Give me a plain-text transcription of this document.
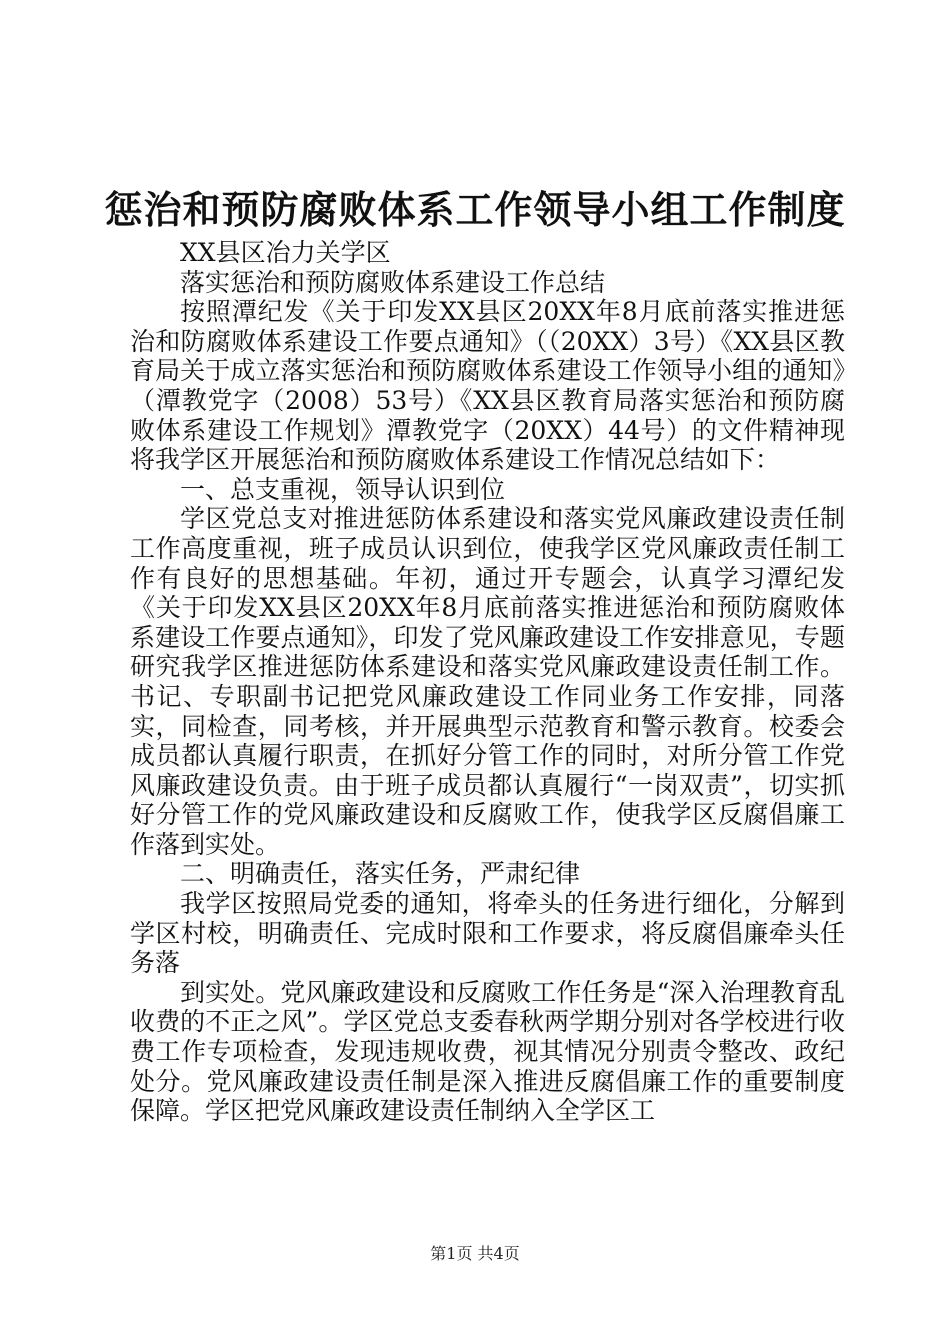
惩治和预防腐败体系工作领导小组工作制度

XX县区冶力关学区

落实惩治和预防腐败体系建设工作总结

按照潭纪发《关于印发XX县区20XX年8月底前落实推进惩治和防腐败体系建设工作要点通知》（（20XX）3号）《XX县区教育局关于成立落实惩治和预防腐败体系建设工作领导小组的通知》（潭教党字（2008）53号）《XX县区教育局落实惩治和预防腐败体系建设工作规划》潭教党字（20XX）44号）的文件精神现将我学区开展惩治和预防腐败体系建设工作情况总结如下：

一、总支重视，领导认识到位

学区党总支对推进惩防体系建设和落实党风廉政建设责任制工作高度重视，班子成员认识到位，使我学区党风廉政责任制工作有良好的思想基础。年初，通过开专题会，认真学习潭纪发《关于印发XX县区20XX年8月底前落实推进惩治和预防腐败体系建设工作要点通知》，印发了党风廉政建设工作安排意见，专题研究我学区推进惩防体系建设和落实党风廉政建设责任制工作。书记、专职副书记把党风廉政建设工作同业务工作安排，同落实，同检查，同考核，并开展典型示范教育和警示教育。校委会成员都认真履行职责，在抓好分管工作的同时，对所分管工作党风廉政建设负责。由于班子成员都认真履行“一岗双责”，切实抓好分管工作的党风廉政建设和反腐败工作，使我学区反腐倡廉工作落到实处。

二、明确责任，落实任务，严肃纪律

我学区按照局党委的通知，将牵头的任务进行细化，分解到学区村校，明确责任、完成时限和工作要求，将反腐倡廉牵头任务落

到实处。党风廉政建设和反腐败工作任务是“深入治理教育乱收费的不正之风”。学区党总支委春秋两学期分别对各学校进行收费工作专项检查，发现违规收费，视其情况分别责令整改、政纪处分。党风廉政建设责任制是深入推进反腐倡廉工作的重要制度保障。学区把党风廉政建设责任制纳入全学区工

第1页 共4页
